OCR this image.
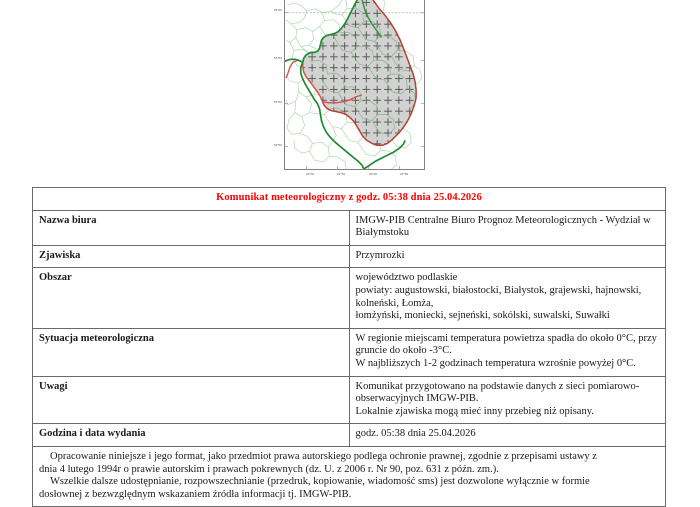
54°00
53°50
53°00
52°50
22°00	22°50	23°00	23°50
Komunikat meteorologiczny z godz. 05:38 dnia 25.04.2026	
Nazwa biura	IMGW-PIB Centralne Biuro Prognoz Meteorologicznych - Wydział w Białymstoku
Zjawiska	Przymrozki
Obszar	województwo podlaskie
powiaty: augustowski, białostocki, Białystok, grajewski, hajnowski, kolneński, Łomża,
łomżyński, moniecki, sejneński, sokólski, suwalski, Suwałki

Sytuacja meteorologiczna	W regionie miejscami temperatura powietrza spadła do około 0°C, przy gruncie do około -3°C.
W najbliższych 1-2 godzinach temperatura wzrośnie powyżej 0°C.

Uwagi	Komunikat przygotowano na podstawie danych z sieci pomiarowo-obserwacyjnych IMGW-PIB.
Lokalnie zjawiska mogą mieć inny przebieg niż opisany.

Godzina i data wydania	godz. 05:38 dnia 25.04.2026

Opracowanie niniejsze i jego format, jako przedmiot prawa autorskiego podlega ochronie prawnej, zgodnie z przepisami ustawy z
dnia 4 lutego 1994r o prawie autorskim i prawach pokrewnych (dz. U. z 2006 r. Nr 90, poz. 631 z późn. zm.).
Wszelkie dalsze udostępnianie, rozpowszechnianie (przedruk, kopiowanie, wiadomość sms) jest dozwolone wyłącznie w formie
dosłownej z bezwzględnym wskazaniem źródła informacji tj. IMGW-PIB.	
